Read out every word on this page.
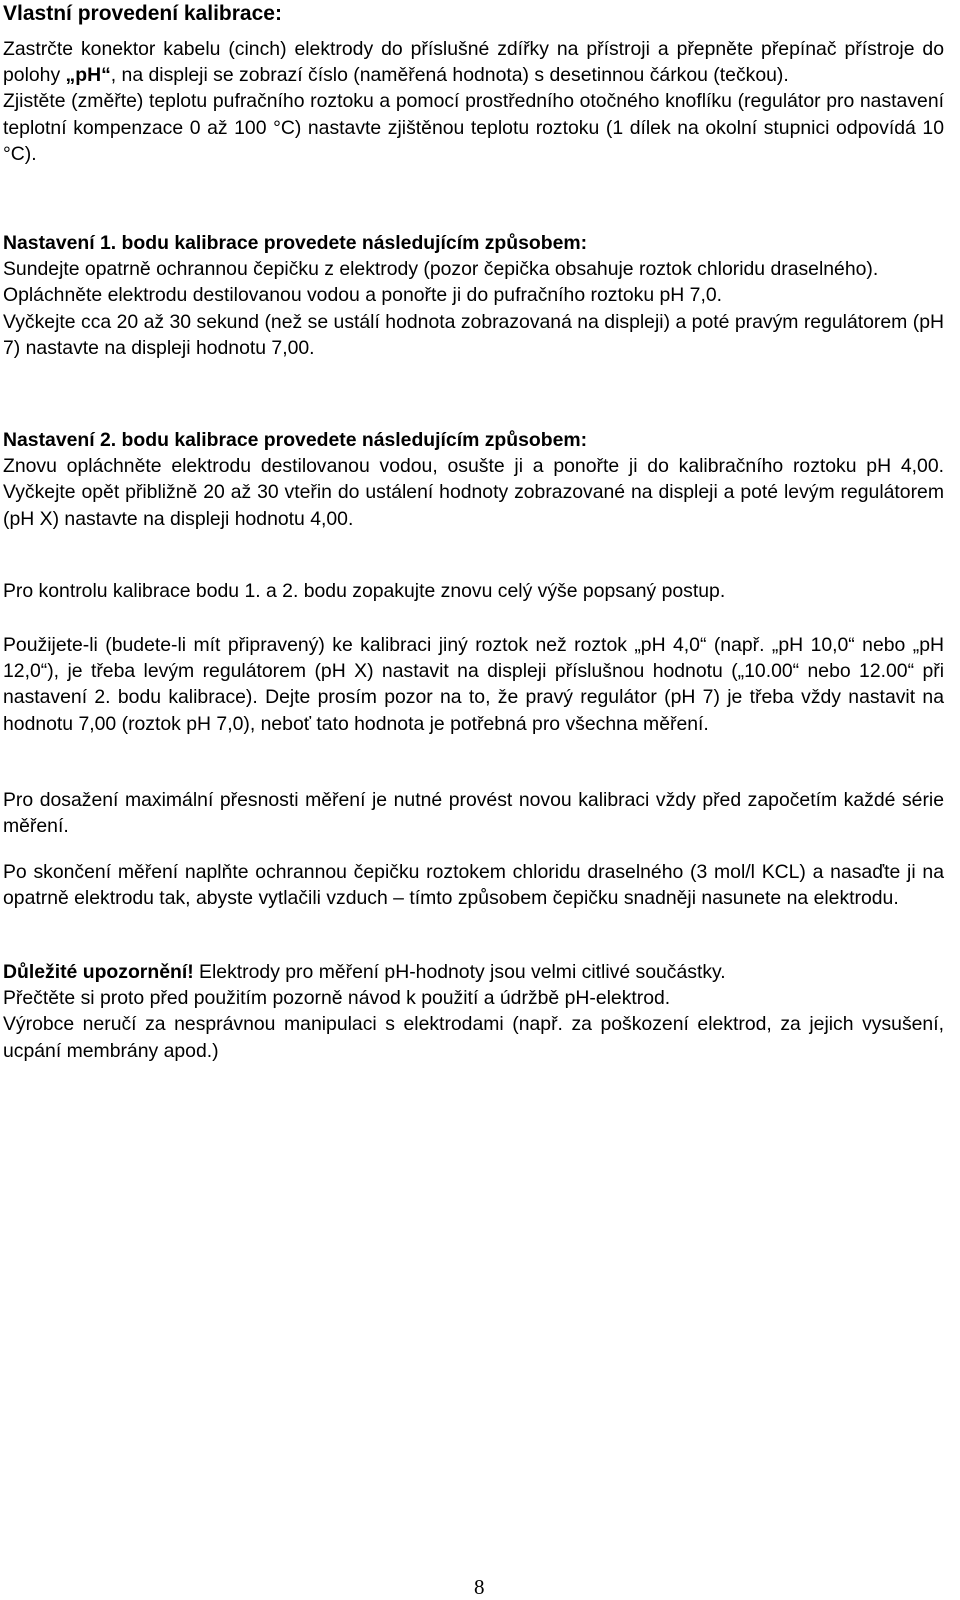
Vlastní provedení kalibrace:

Zastrčte konektor kabelu (cinch) elektrody do příslušné zdířky na přístroji a přepněte přepínač přístroje do polohy „pH“, na displeji se zobrazí číslo (naměřená hodnota) s desetinnou čárkou (tečkou).

Zjistěte (změřte) teplotu pufračního roztoku a pomocí prostředního otočného knoflíku (regulátor pro nastavení teplotní kompenzace 0 až 100 °C) nastavte zjištěnou teplotu roztoku (1 dílek na okolní stupnici odpovídá 10 °C).

Nastavení 1. bodu kalibrace provedete následujícím způsobem:

Sundejte opatrně ochrannou čepičku z elektrody (pozor čepička obsahuje roztok chloridu draselného).

Opláchněte elektrodu destilovanou vodou a ponořte ji do pufračního roztoku pH 7,0.

Vyčkejte cca 20 až 30 sekund (než se ustálí hodnota zobrazovaná na displeji) a poté pravým regulátorem (pH 7) nastavte na displeji hodnotu 7,00.

Nastavení 2. bodu kalibrace provedete následujícím způsobem:

Znovu opláchněte elektrodu destilovanou vodou, osušte ji a ponořte ji do kalibračního roztoku pH 4,00. Vyčkejte opět přibližně 20 až 30 vteřin do ustálení hodnoty zobrazované na displeji a poté levým regulátorem (pH X) nastavte na displeji hodnotu 4,00.

Pro kontrolu kalibrace bodu 1. a 2. bodu zopakujte znovu celý výše popsaný postup.

Použijete-li (budete-li mít připravený) ke kalibraci jiný roztok než roztok „pH 4,0“ (např. „pH 10,0“ nebo „pH 12,0“), je třeba levým regulátorem (pH X) nastavit na displeji příslušnou hodnotu („10.00“ nebo 12.00“ při nastavení 2. bodu kalibrace). Dejte prosím pozor na to, že pravý regulátor (pH 7) je třeba vždy nastavit na hodnotu 7,00 (roztok pH 7,0), neboť tato hodnota je potřebná pro všechna měření.

Pro dosažení maximální přesnosti měření je nutné provést novou kalibraci vždy před započetím každé série měření.

Po skončení měření naplňte ochrannou čepičku roztokem chloridu draselného (3 mol/l KCL) a nasaďte ji na opatrně elektrodu tak, abyste vytlačili vzduch – tímto způsobem čepičku snadněji nasunete na elektrodu.

Důležité upozornění! Elektrody pro měření pH-hodnoty jsou velmi citlivé součástky.

Přečtěte si proto před použitím pozorně návod k použití a údržbě pH-elektrod.

Výrobce neručí za nesprávnou manipulaci s elektrodami (např. za poškození elektrod, za jejich vysušení, ucpání membrány apod.)

8
